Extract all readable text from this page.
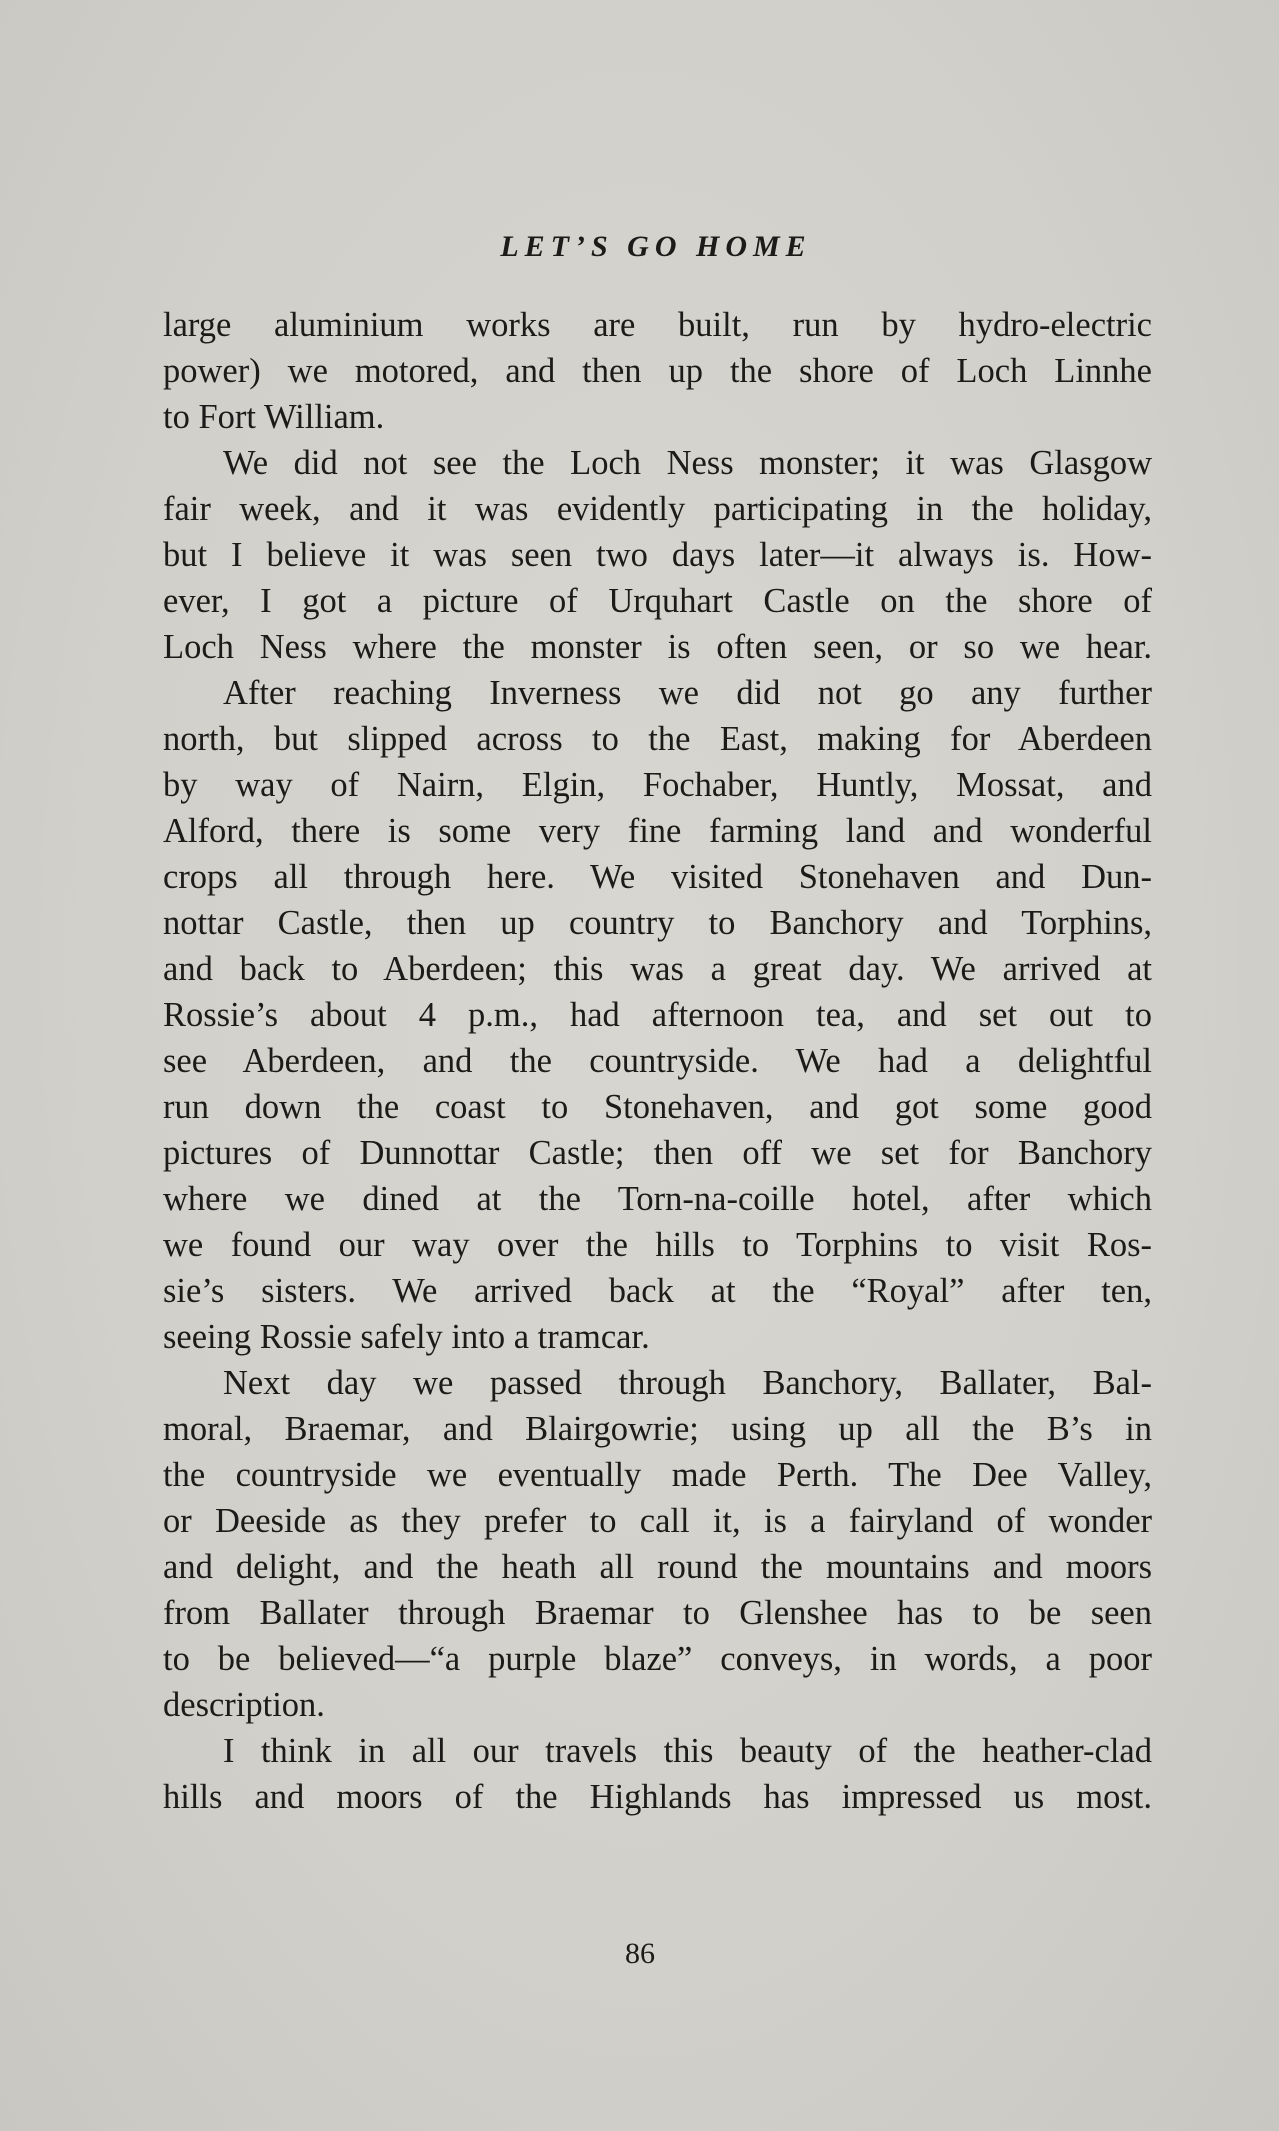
LET’S GO HOME
large aluminium works are built, run by hydro-electric
power) we motored, and then up the shore of Loch Linnhe
to Fort William.
We did not see the Loch Ness monster; it was Glasgow
fair week, and it was evidently participating in the holiday,
but I believe it was seen two days later—it always is. How-
ever, I got a picture of Urquhart Castle on the shore of
Loch Ness where the monster is often seen, or so we hear.
After reaching Inverness we did not go any further
north, but slipped across to the East, making for Aberdeen
by way of Nairn, Elgin, Fochaber, Huntly, Mossat, and
Alford, there is some very fine farming land and wonderful
crops all through here. We visited Stonehaven and Dun-
nottar Castle, then up country to Banchory and Torphins,
and back to Aberdeen; this was a great day. We arrived at
Rossie’s about 4 p.m., had afternoon tea, and set out to
see Aberdeen, and the countryside. We had a delightful
run down the coast to Stonehaven, and got some good
pictures of Dunnottar Castle; then off we set for Banchory
where we dined at the Torn-na-coille hotel, after which
we found our way over the hills to Torphins to visit Ros-
sie’s sisters. We arrived back at the “Royal” after ten,
seeing Rossie safely into a tramcar.
Next day we passed through Banchory, Ballater, Bal-
moral, Braemar, and Blairgowrie; using up all the B’s in
the countryside we eventually made Perth. The Dee Valley,
or Deeside as they prefer to call it, is a fairyland of wonder
and delight, and the heath all round the mountains and moors
from Ballater through Braemar to Glenshee has to be seen
to be believed—“a purple blaze” conveys, in words, a poor
description.
I think in all our travels this beauty of the heather-clad
hills and moors of the Highlands has impressed us most.
86
